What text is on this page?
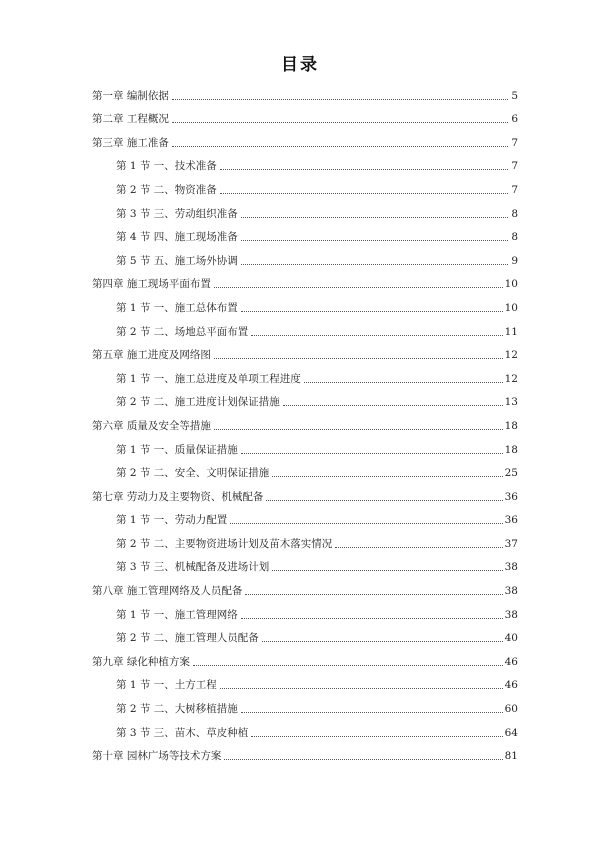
目录
第一章 编制依据	5
第二章 工程概况	6
第三章 施工准备	7
第 1 节 一、技术准备	7
第 2 节 二、物资准备	7
第 3 节 三、劳动组织准备	8
第 4 节 四、施工现场准备	8
第 5 节 五、施工场外协调	9
第四章 施工现场平面布置	10
第 1 节 一、施工总体布置	10
第 2 节 二、场地总平面布置	11
第五章 施工进度及网络图	12
第 1 节 一、施工总进度及单项工程进度	12
第 2 节 二、施工进度计划保证措施	13
第六章 质量及安全等措施	18
第 1 节 一、质量保证措施	18
第 2 节 二、安全、文明保证措施	25
第七章 劳动力及主要物资、机械配备	36
第 1 节 一、劳动力配置	36
第 2 节 二、主要物资进场计划及苗木落实情况	37
第 3 节 三、机械配备及进场计划	38
第八章 施工管理网络及人员配备	38
第 1 节 一、施工管理网络	38
第 2 节 二、施工管理人员配备	40
第九章 绿化种植方案	46
第 1 节 一、土方工程	46
第 2 节 二、大树移植措施	60
第 3 节 三、苗木、草皮种植	64
第十章 园林广场等技术方案	81
